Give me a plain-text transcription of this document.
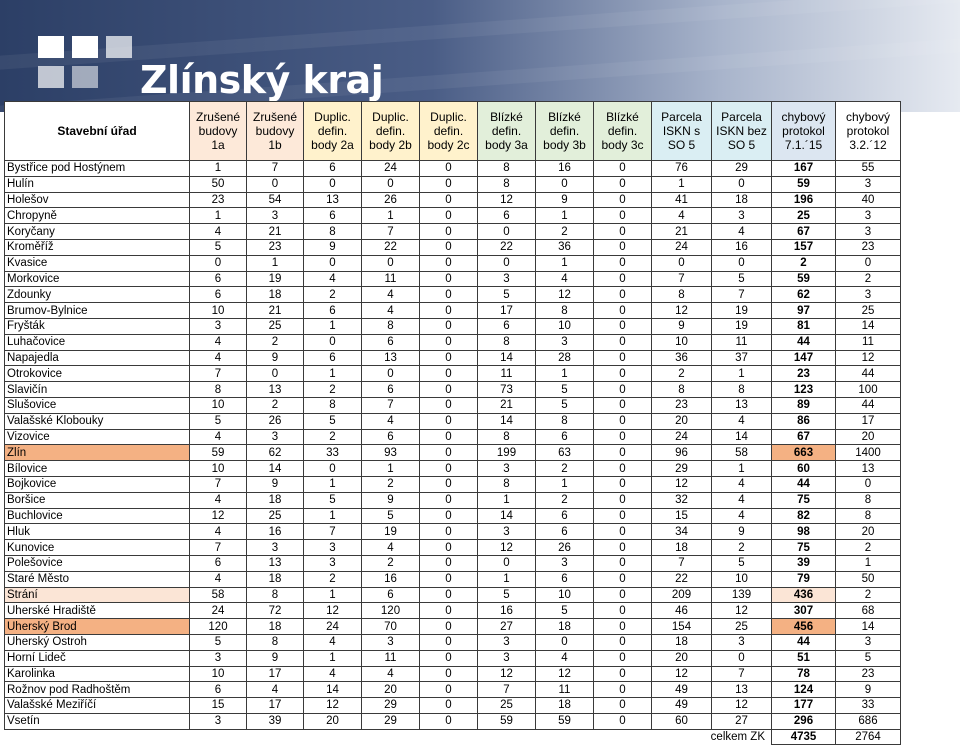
Zlínský kraj
Stavební úřad	Zrušené budovy 1a	Zrušené budovy 1b	Duplic. defin. body 2a	Duplic. defin. body 2b	Duplic. defin. body 2c	Blízké defin. body 3a	Blízké defin. body 3b	Blízké defin. body 3c	Parcela ISKN s SO 5	Parcela ISKN bez SO 5	chybový protokol 7.1.´15	chybový protokol 3.2.´12
Bystřice pod Hostýnem	1	7	6	24	0	8	16	0	76	29	167	55
Hulín	50	0	0	0	0	8	0	0	1	0	59	3
Holešov	23	54	13	26	0	12	9	0	41	18	196	40
Chropyně	1	3	6	1	0	6	1	0	4	3	25	3
Koryčany	4	21	8	7	0	0	2	0	21	4	67	3
Kroměříž	5	23	9	22	0	22	36	0	24	16	157	23
Kvasice	0	1	0	0	0	0	1	0	0	0	2	0
Morkovice	6	19	4	11	0	3	4	0	7	5	59	2
Zdounky	6	18	2	4	0	5	12	0	8	7	62	3
Brumov-Bylnice	10	21	6	4	0	17	8	0	12	19	97	25
Fryšták	3	25	1	8	0	6	10	0	9	19	81	14
Luhačovice	4	2	0	6	0	8	3	0	10	11	44	11
Napajedla	4	9	6	13	0	14	28	0	36	37	147	12
Otrokovice	7	0	1	0	0	11	1	0	2	1	23	44
Slavičín	8	13	2	6	0	73	5	0	8	8	123	100
Slušovice	10	2	8	7	0	21	5	0	23	13	89	44
Valašské Klobouky	5	26	5	4	0	14	8	0	20	4	86	17
Vizovice	4	3	2	6	0	8	6	0	24	14	67	20
Zlín	59	62	33	93	0	199	63	0	96	58	663	1400
Bílovice	10	14	0	1	0	3	2	0	29	1	60	13
Bojkovice	7	9	1	2	0	8	1	0	12	4	44	0
Boršice	4	18	5	9	0	1	2	0	32	4	75	8
Buchlovice	12	25	1	5	0	14	6	0	15	4	82	8
Hluk	4	16	7	19	0	3	6	0	34	9	98	20
Kunovice	7	3	3	4	0	12	26	0	18	2	75	2
Polešovice	6	13	3	2	0	0	3	0	7	5	39	1
Staré Město	4	18	2	16	0	1	6	0	22	10	79	50
Strání	58	8	1	6	0	5	10	0	209	139	436	2
Uherské Hradiště	24	72	12	120	0	16	5	0	46	12	307	68
Uherský Brod	120	18	24	70	0	27	18	0	154	25	456	14
Uherský Ostroh	5	8	4	3	0	3	0	0	18	3	44	3
Horní Lideč	3	9	1	11	0	3	4	0	20	0	51	5
Karolinka	10	17	4	4	0	12	12	0	12	7	78	23
Rožnov pod Radhoštěm	6	4	14	20	0	7	11	0	49	13	124	9
Valašské Meziříčí	15	17	12	29	0	25	18	0	49	12	177	33
Vsetín	3	39	20	29	0	59	59	0	60	27	296	686
celkem ZK											4735	2764
